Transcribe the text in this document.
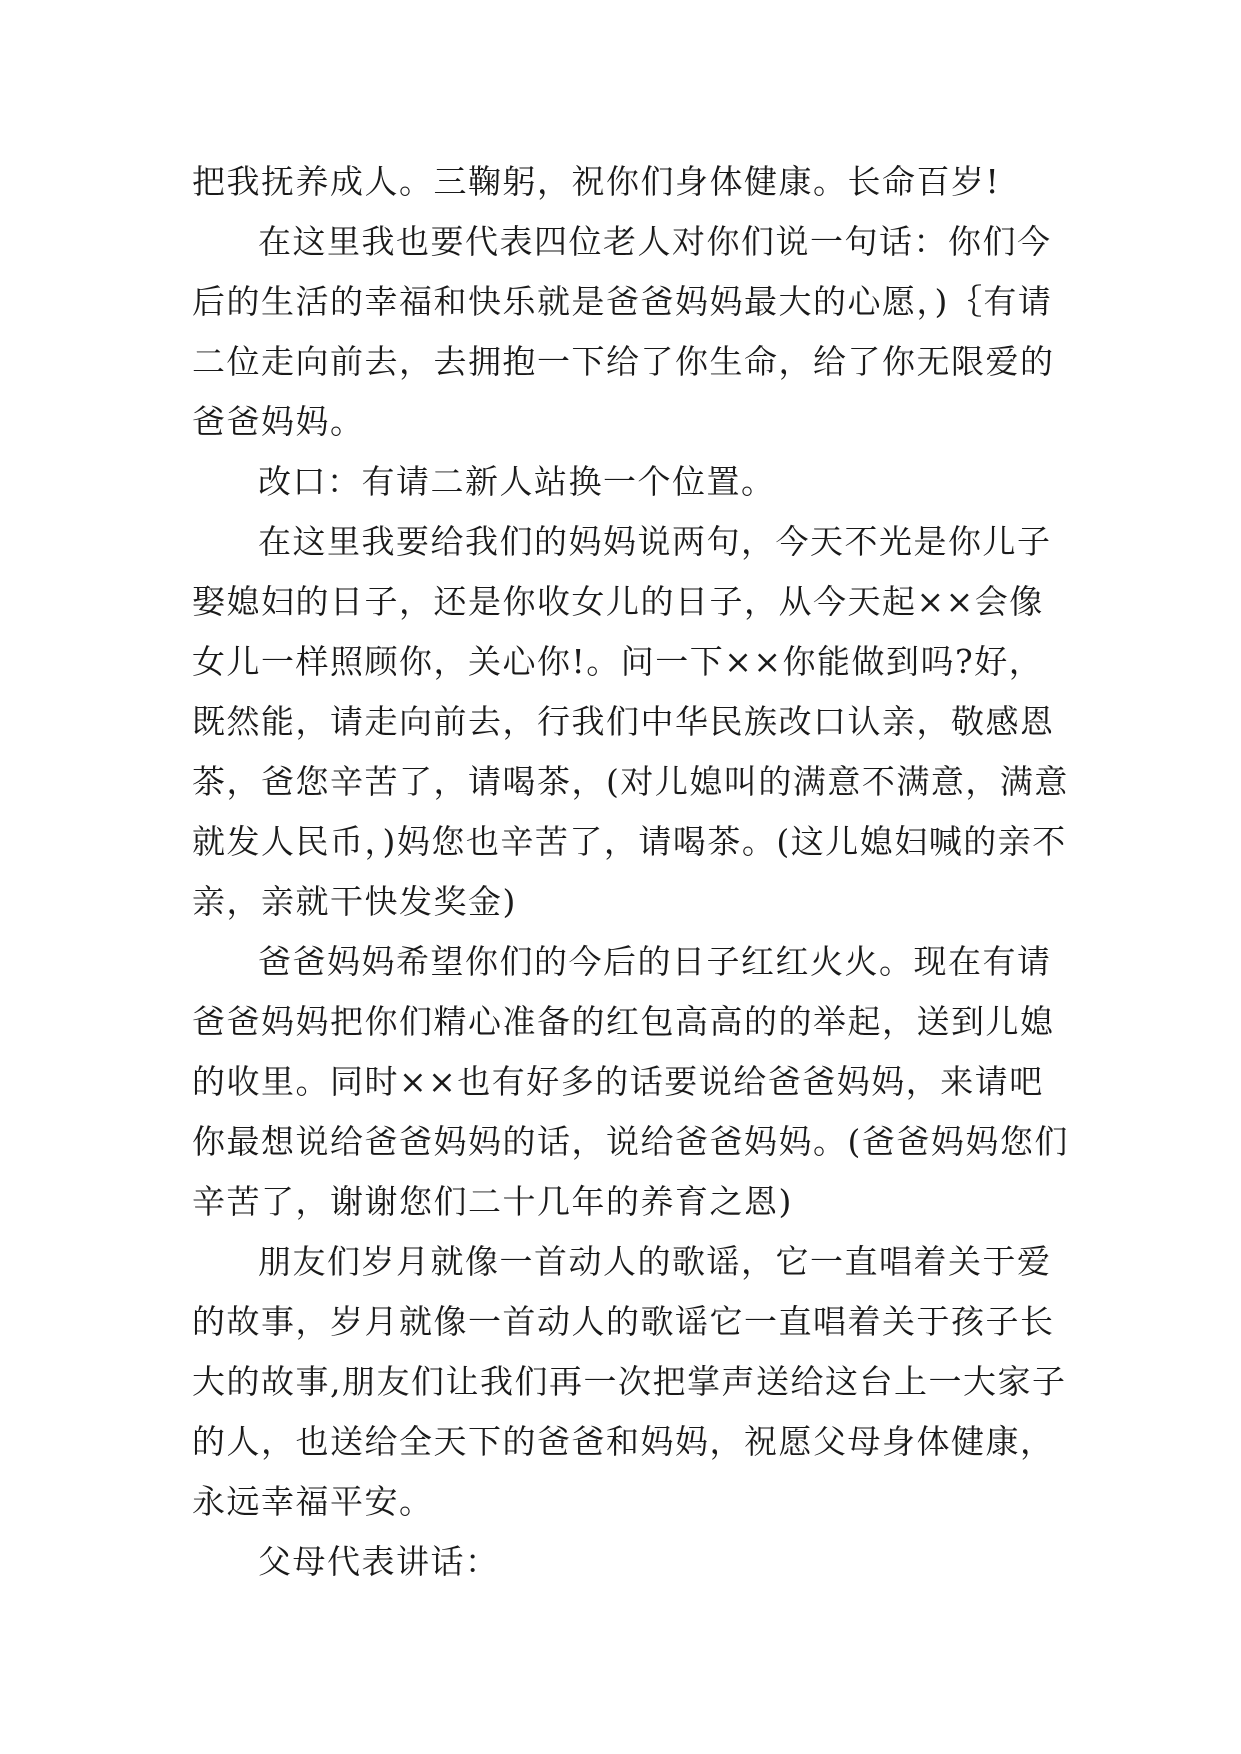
把我抚养成人。三鞠躬，祝你们身体健康。长命百岁!

在这里我也要代表四位老人对你们说一句话：你们今后的生活的幸福和快乐就是爸爸妈妈最大的心愿，)｛有请二位走向前去，去拥抱一下给了你生命，给了你无限爱的爸爸妈妈。

改口：有请二新人站换一个位置。

在这里我要给我们的妈妈说两句，今天不光是你儿子娶媳妇的日子，还是你收女儿的日子，从今天起××会像女儿一样照顾你，关心你!。问一下××你能做到吗?好，既然能，请走向前去，行我们中华民族改口认亲，敬感恩茶，爸您辛苦了，请喝茶，(对儿媳叫的满意不满意，满意就发人民币，)妈您也辛苦了，请喝茶。(这儿媳妇喊的亲不亲，亲就干快发奖金)

爸爸妈妈希望你们的今后的日子红红火火。现在有请爸爸妈妈把你们精心准备的红包高高的的举起，送到儿媳的收里。同时××也有好多的话要说给爸爸妈妈，来请吧你最想说给爸爸妈妈的话，说给爸爸妈妈。(爸爸妈妈您们辛苦了，谢谢您们二十几年的养育之恩)

朋友们岁月就像一首动人的歌谣，它一直唱着关于爱的故事，岁月就像一首动人的歌谣它一直唱着关于孩子长大的故事,朋友们让我们再一次把掌声送给这台上一大家子的人，也送给全天下的爸爸和妈妈，祝愿父母身体健康，永远幸福平安。

父母代表讲话：
